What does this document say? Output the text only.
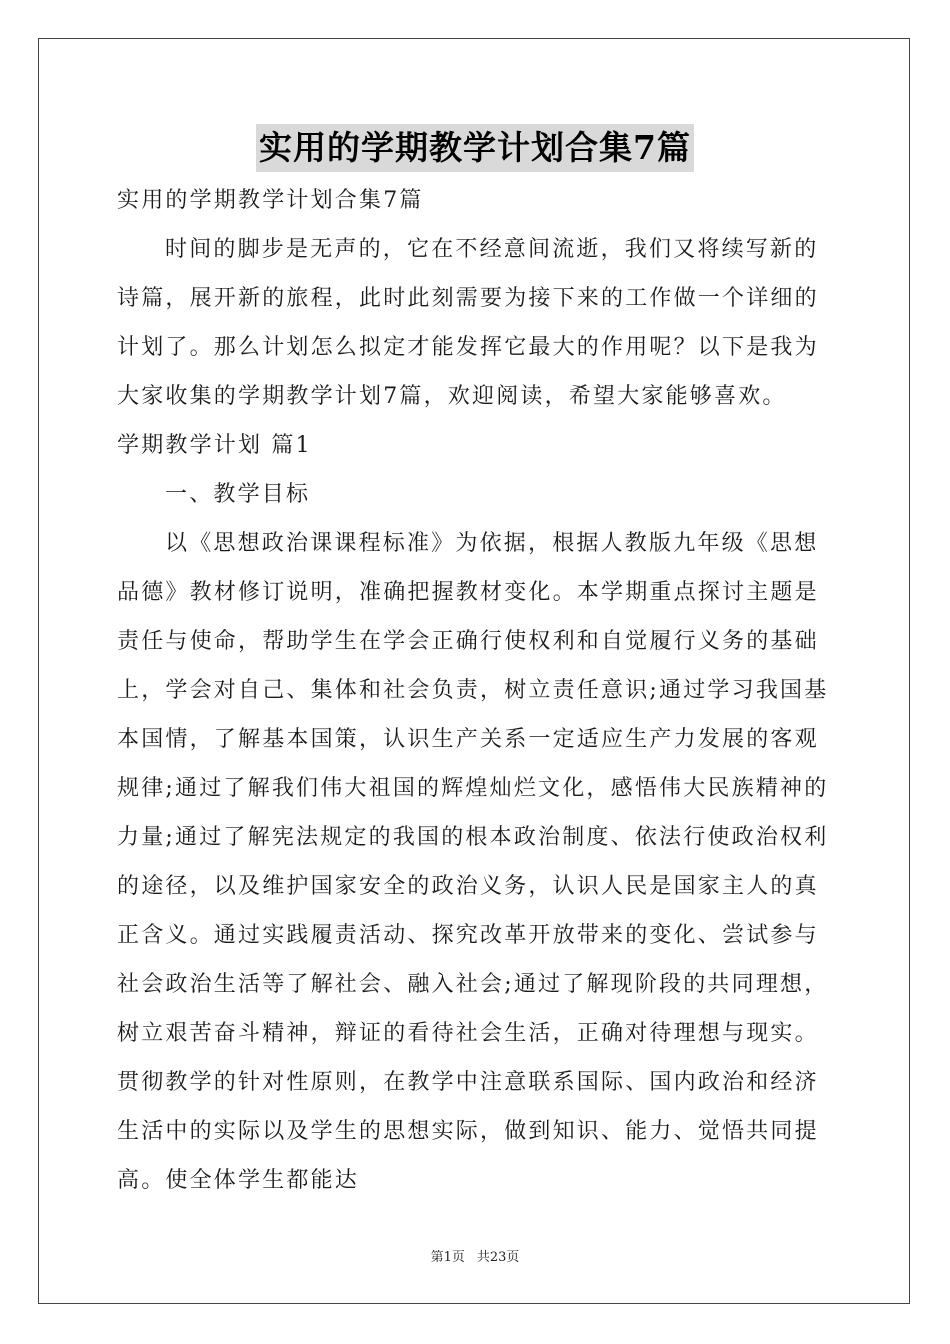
实用的学期教学计划合集7篇

实用的学期教学计划合集7篇

时间的脚步是无声的，它在不经意间流逝，我们又将续写新的诗篇，展开新的旅程，此时此刻需要为接下来的工作做一个详细的计划了。那么计划怎么拟定才能发挥它最大的作用呢？以下是我为大家收集的学期教学计划7篇，欢迎阅读，希望大家能够喜欢。

学期教学计划 篇1

一、教学目标

以《思想政治课课程标准》为依据，根据人教版九年级《思想品德》教材修订说明，准确把握教材变化。本学期重点探讨主题是责任与使命，帮助学生在学会正确行使权利和自觉履行义务的基础上，学会对自己、集体和社会负责，树立责任意识;通过学习我国基本国情，了解基本国策，认识生产关系一定适应生产力发展的客观规律;通过了解我们伟大祖国的辉煌灿烂文化，感悟伟大民族精神的力量;通过了解宪法规定的我国的根本政治制度、依法行使政治权利的途径，以及维护国家安全的政治义务，认识人民是国家主人的真正含义。通过实践履责活动、探究改革开放带来的变化、尝试参与社会政治生活等了解社会、融入社会;通过了解现阶段的共同理想，树立艰苦奋斗精神，辩证的看待社会生活，正确对待理想与现实。贯彻教学的针对性原则，在教学中注意联系国际、国内政治和经济生活中的实际以及学生的思想实际，做到知识、能力、觉悟共同提高。使全体学生都能达

第1页 共23页
